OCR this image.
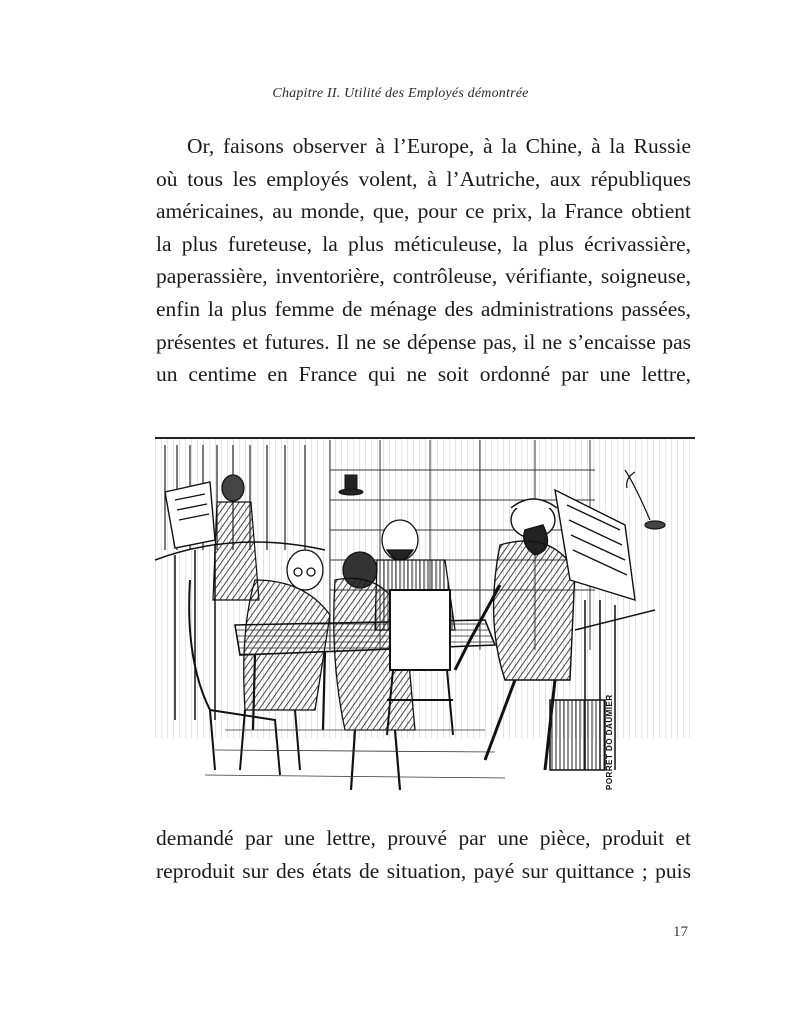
Chapitre II. Utilité des Employés démontrée
Or, faisons observer à l’Europe, à la Chine, à la Russie
où tous les employés volent, à l’Autriche, aux républiques
américaines, au monde, que, pour ce prix, la France obtient
la plus fureteuse, la plus méticuleuse, la plus écrivassière,
paperassière, inventorière, contrôleuse, vérifiante, soigneuse,
enfin la plus femme de ménage des administrations passées,
présentes et futures. Il ne se dépense pas, il ne s’encaisse pas
un centime en France qui ne soit ordonné par une lettre,
PORRET DO DAUMIER
demandé par une lettre, prouvé par une pièce, produit et
reproduit sur des états de situation, payé sur quittance ; puis
17
